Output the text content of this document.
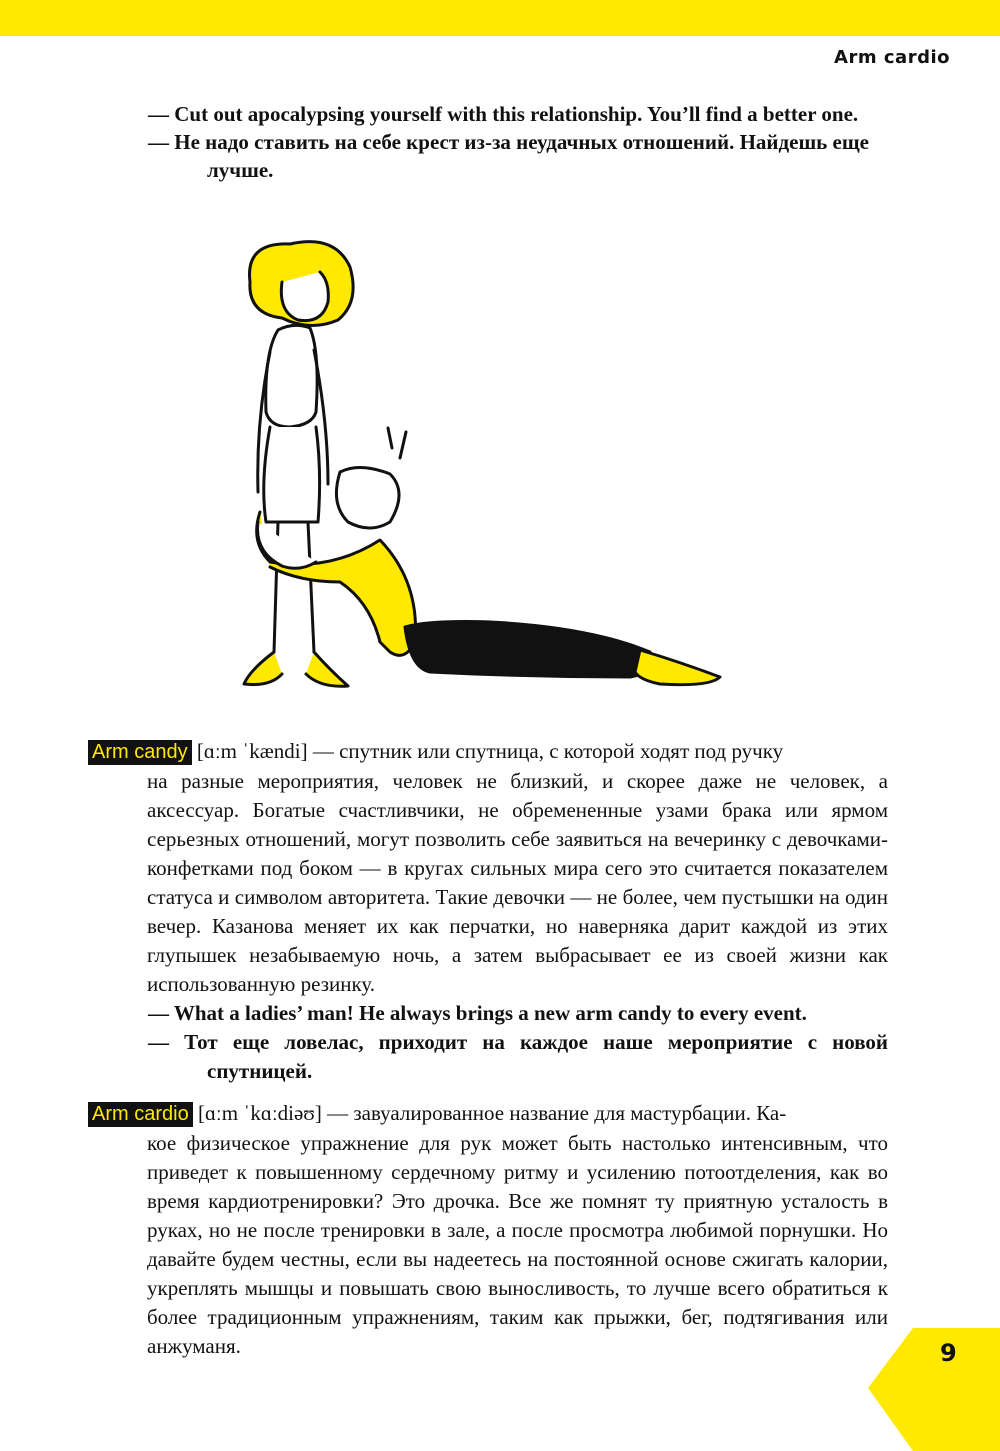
Arm cardio

— Cut out apocalypsing yourself with this relationship. You’ll find a better one.

— Не надо ставить на себе крест из-за неудачных отношений. Найдешь еще лучше.

Arm candy [ɑːm ˈkændi] — спутник или спутница, с которой ходят под ручку

на разные мероприятия, человек не близкий, и скорее даже не человек, а аксессуар. Богатые счастливчики, не обремененные узами брака или ярмом серьезных отношений, могут позволить себе заявиться на вечеринку с девочками-конфетками под боком — в кругах сильных мира сего это считается показателем статуса и символом авторитета. Такие девочки — не более, чем пустышки на один вечер. Казанова меняет их как перчатки, но наверняка дарит каждой из этих глупышек незабываемую ночь, а затем выбрасывает ее из своей жизни как использованную резинку.

— What a ladies’ man! He always brings a new arm candy to every event.

— Тот еще ловелас, приходит на каждое наше мероприятие с новой спутницей.

Arm cardio [ɑːm ˈkɑːdiəʊ] — завуалированное название для мастурбации. Ка-

кое физическое упражнение для рук может быть настолько интенсивным, что приведет к повышенному сердечному ритму и усилению потоотделения, как во время кардиотренировки? Это дрочка. Все же помнят ту приятную усталость в руках, но не после тренировки в зале, а после просмотра любимой порнушки. Но давайте будем честны, если вы надеетесь на постоянной основе сжигать калории, укреплять мышцы и повышать свою выносливость, то лучше всего обратиться к более традиционным упражнениям, таким как прыжки, бег, подтягивания или анжуманя.	9
